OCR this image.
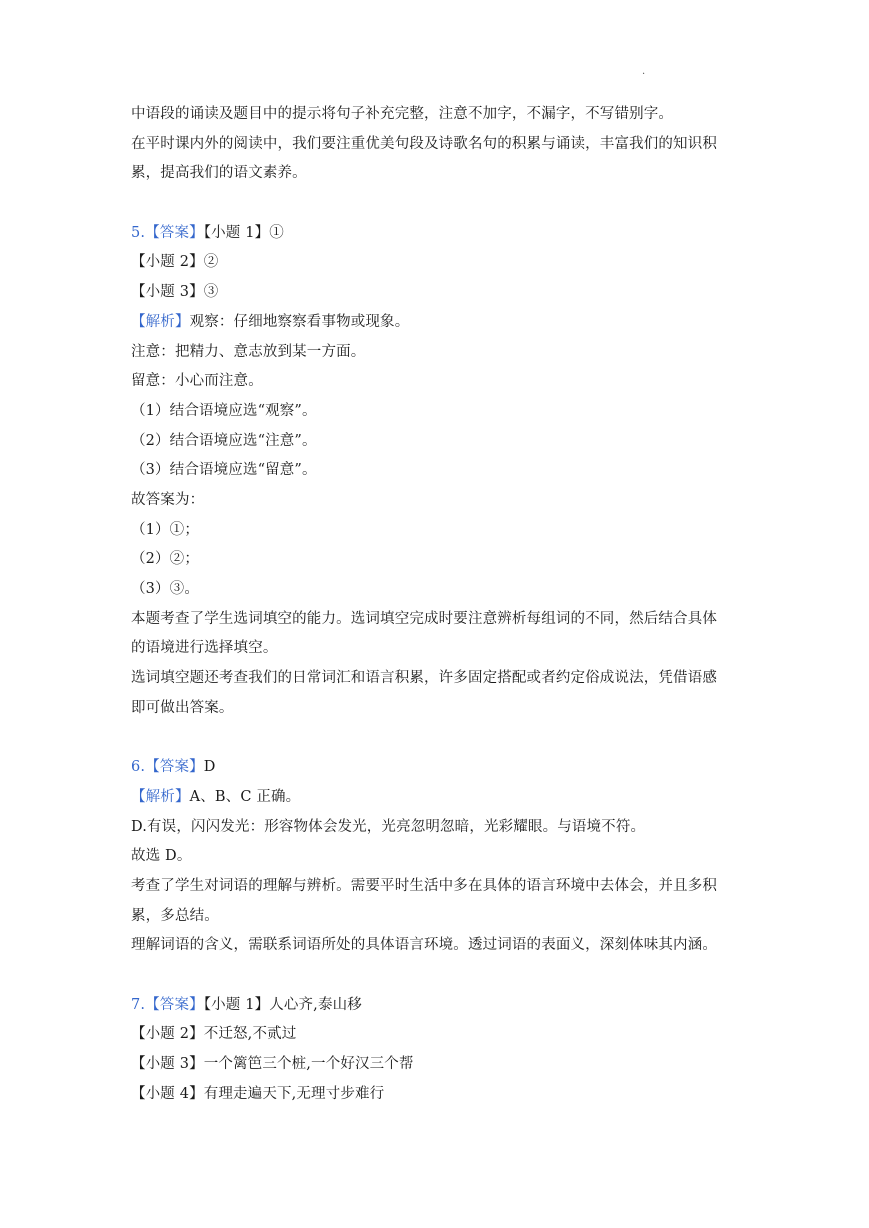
.
中语段的诵读及题目中的提示将句子补充完整，注意不加字，不漏字，不写错别字。
在平时课内外的阅读中，我们要注重优美句段及诗歌名句的积累与诵读，丰富我们的知识积
累，提高我们的语文素养。
5.【答案】【小题 1】①
【小题 2】②
【小题 3】③
【解析】观察：仔细地察察看事物或现象。
注意：把精力、意志放到某一方面。
留意：小心而注意。
（1）结合语境应选“观察”。
（2）结合语境应选“注意”。
（3）结合语境应选“留意”。
故答案为：
（1）①；
（2）②；
（3）③。
本题考查了学生选词填空的能力。选词填空完成时要注意辨析每组词的不同，然后结合具体
的语境进行选择填空。
选词填空题还考查我们的日常词汇和语言积累，许多固定搭配或者约定俗成说法，凭借语感
即可做出答案。
6.【答案】D
【解析】A、B、C 正确。
D.有误，闪闪发光：形容物体会发光，光亮忽明忽暗，光彩耀眼。与语境不符。
故选 D。
考查了学生对词语的理解与辨析。需要平时生活中多在具体的语言环境中去体会，并且多积
累，多总结。
理解词语的含义，需联系词语所处的具体语言环境。透过词语的表面义，深刻体味其内涵。
7.【答案】【小题 1】人心齐,泰山移
【小题 2】不迁怒,不贰过
【小题 3】一个篱笆三个桩,一个好汉三个帮
【小题 4】有理走遍天下,无理寸步难行
